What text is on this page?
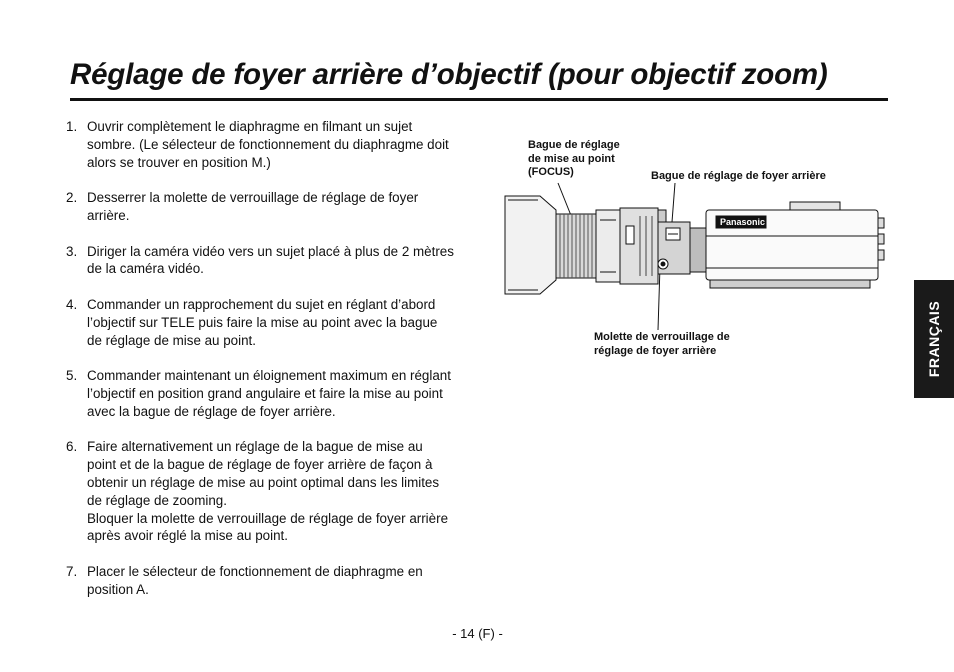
Réglage de foyer arrière d’objectif (pour objectif zoom)
1. Ouvrir complètement le diaphragme en filmant un sujet sombre. (Le sélecteur de fonctionnement du diaphragme doit alors se trouver en position M.)

2. Desserrer la molette de verrouillage de réglage de foyer arrière.

3. Diriger la caméra vidéo vers un sujet placé à plus de 2 mètres de la caméra vidéo.

4. Commander un rapprochement du sujet en réglant d’abord l’objectif sur TELE puis faire la mise au point avec la bague de réglage de mise au point.

5. Commander maintenant un éloignement maximum en réglant l’objectif en position grand angulaire et faire la mise au point avec la bague de réglage de foyer arrière.

6. Faire alternativement un réglage de la bague de mise au point et de la bague de réglage de foyer arrière de façon à obtenir un réglage de mise au point optimal dans les limites de réglage de zooming.

Bloquer la molette de verrouillage de réglage de foyer arrière après avoir réglé la mise au point.

7. Placer le sélecteur de fonctionnement de diaphragme en position A.

Bague de réglage
de mise au point
(FOCUS)	Bague de réglage de foyer arrière
Molette de verrouillage de
réglage de foyer arrière
Panasonic
FRANÇAIS
- 14 (F) -
